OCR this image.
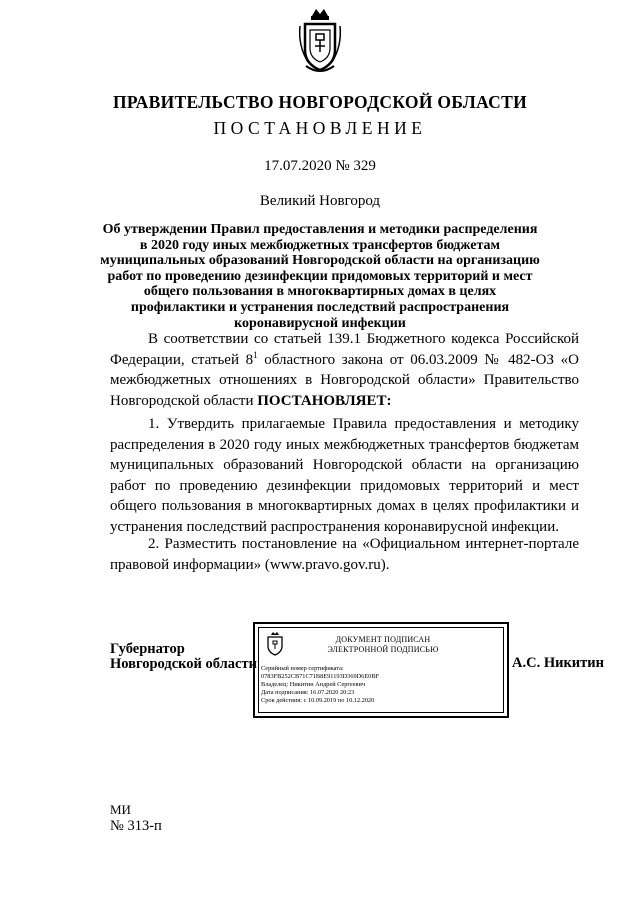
ПРАВИТЕЛЬСТВО НОВГОРОДСКОЙ ОБЛАСТИ
ПОСТАНОВЛЕНИЕ
17.07.2020 № 329
Великий Новгород
Об утверждении Правил предоставления и методики распределения в 2020 году иных межбюджетных трансфертов бюджетам муниципальных образований Новгородской области на организацию работ по проведению дезинфекции придомовых территорий и мест общего пользования в многоквартирных домах в целях профилактики и устранения последствий распространения коронавирусной инфекции
В соответствии со статьей 139.1 Бюджетного кодекса Российской Федерации, статьей $8^1$ областного закона от 06.03.2009 № 482-ОЗ «О межбюджетных отношениях в Новгородской области» Правительство Новгородской области ПОСТАНОВЛЯЕТ:
1. Утвердить прилагаемые Правила предоставления и методику распределения в 2020 году иных межбюджетных трансфертов бюджетам муниципальных образований Новгородской области на организацию работ по проведению дезинфекции придомовых территорий и мест общего пользования в многоквартирных домах в целях профилактики и устранения последствий распространения коронавирусной инфекции.
2. Разместить постановление на «Официальном интернет-портале правовой информации» (www.pravo.gov.ru).
Губернатор
Новгородской области
ДОКУМЕНТ ПОДПИСАН
ЭЛЕКТРОННОЙ ПОДПИСЬЮ
Серийный номер сертификата:
0783FB252CB71C71B8E91193D369D6E0BF
Владелец: Никитин Андрей Сергеевич
Дата подписания: 16.07.2020 20:23
Срок действия: с 10.09.2019 по 10.12.2020
А.С. Никитин
МИ
№ 313-п
